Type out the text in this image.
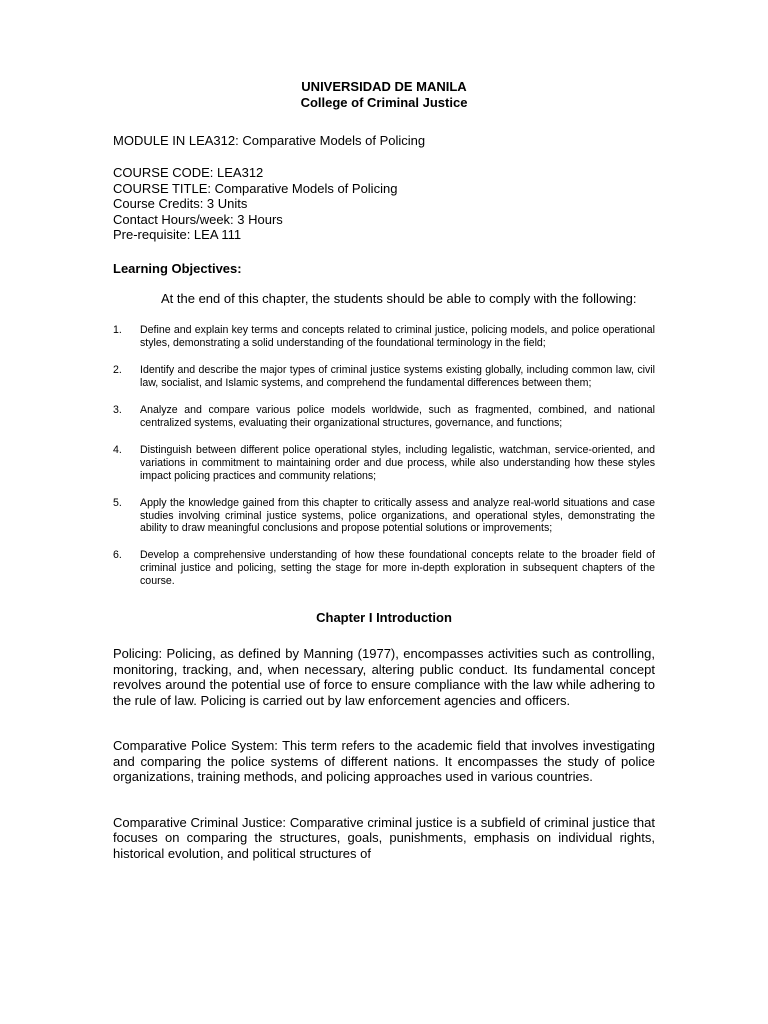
UNIVERSIDAD DE MANILA
College of Criminal Justice
MODULE IN LEA312: Comparative Models of Policing
COURSE CODE: LEA312
COURSE TITLE: Comparative Models of Policing
Course Credits: 3 Units
Contact Hours/week: 3 Hours
Pre-requisite: LEA 111
Learning Objectives:
At the end of this chapter, the students should be able to comply with the following:
1. Define and explain key terms and concepts related to criminal justice, policing models, and police operational styles, demonstrating a solid understanding of the foundational terminology in the field;
2. Identify and describe the major types of criminal justice systems existing globally, including common law, civil law, socialist, and Islamic systems, and comprehend the fundamental differences between them;
3. Analyze and compare various police models worldwide, such as fragmented, combined, and national centralized systems, evaluating their organizational structures, governance, and functions;
4. Distinguish between different police operational styles, including legalistic, watchman, service-oriented, and variations in commitment to maintaining order and due process, while also understanding how these styles impact policing practices and community relations;
5. Apply the knowledge gained from this chapter to critically assess and analyze real-world situations and case studies involving criminal justice systems, police organizations, and operational styles, demonstrating the ability to draw meaningful conclusions and propose potential solutions or improvements;
6. Develop a comprehensive understanding of how these foundational concepts relate to the broader field of criminal justice and policing, setting the stage for more in-depth exploration in subsequent chapters of the course.
Chapter I Introduction

Policing: Policing, as defined by Manning (1977), encompasses activities such as controlling, monitoring, tracking, and, when necessary, altering public conduct. Its fundamental concept revolves around the potential use of force to ensure compliance with the law while adhering to the rule of law. Policing is carried out by law enforcement agencies and officers.

Comparative Police System: This term refers to the academic field that involves investigating and comparing the police systems of different nations. It encompasses the study of police organizations, training methods, and policing approaches used in various countries.

Comparative Criminal Justice: Comparative criminal justice is a subfield of criminal justice that focuses on comparing the structures, goals, punishments, emphasis on individual rights, historical evolution, and political structures of
